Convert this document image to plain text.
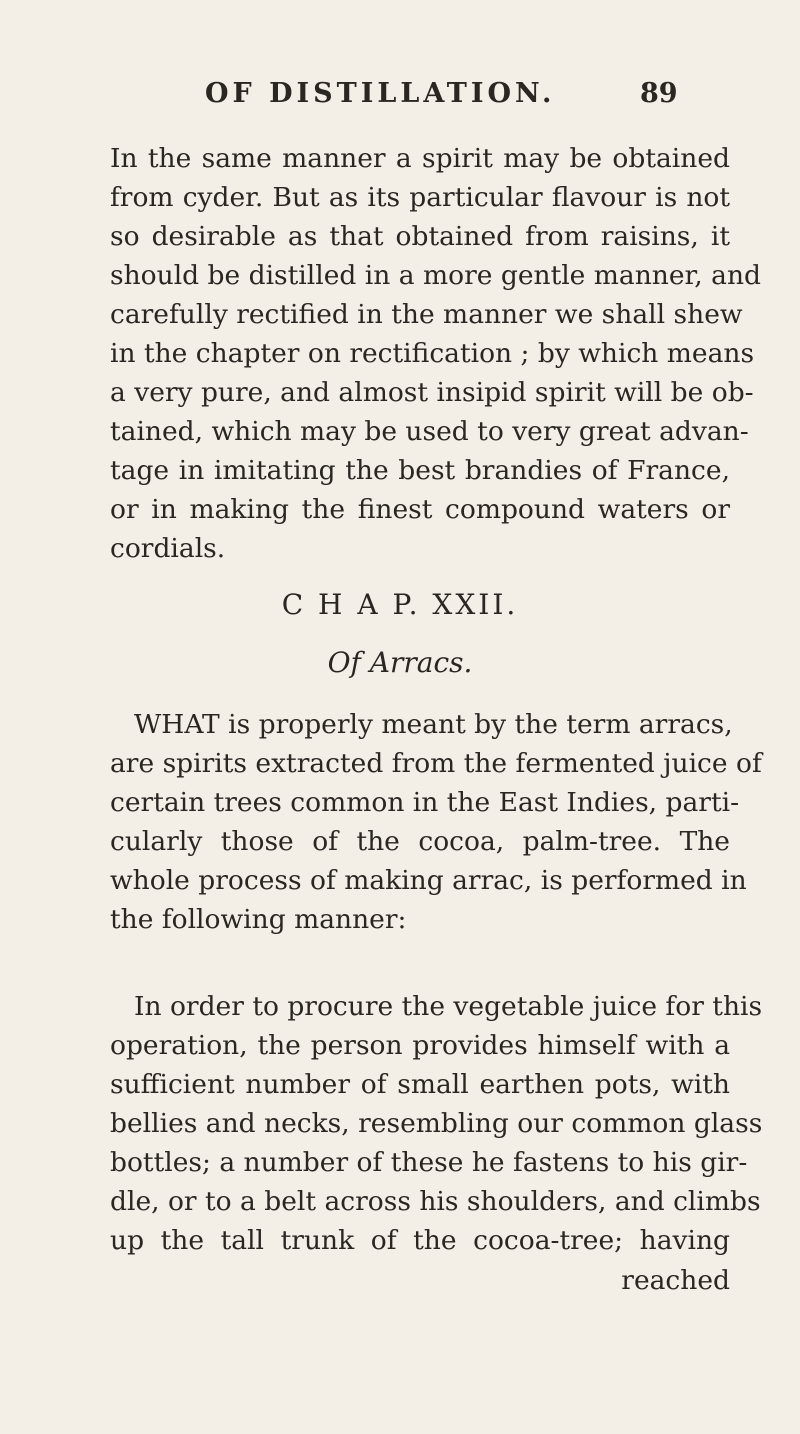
OF DISTILLATION.	89
In the same manner a spirit may be obtained
from cyder. But as its particular flavour is not
so desirable as that obtained from raisins, it
should be distilled in a more gentle manner, and
carefully rectified in the manner we shall shew
in the chapter on rectification ; by which means
a very pure, and almost insipid spirit will be ob-
tained, which may be used to very great advan-
tage in imitating the best brandies of France,
or in making the finest compound waters or
cordials.
C H A P. XXII.
Of Arracs.
WHAT is properly meant by the term arracs,
are spirits extracted from the fermented juice of
certain trees common in the East Indies, parti-
cularly those of the cocoa, palm-tree. The
whole process of making arrac, is performed in
the following manner:
In order to procure the vegetable juice for this
operation, the person provides himself with a
sufficient number of small earthen pots, with
bellies and necks, resembling our common glass
bottles; a number of these he fastens to his gir-
dle, or to a belt across his shoulders, and climbs
up the tall trunk of the cocoa-tree; having
reached
